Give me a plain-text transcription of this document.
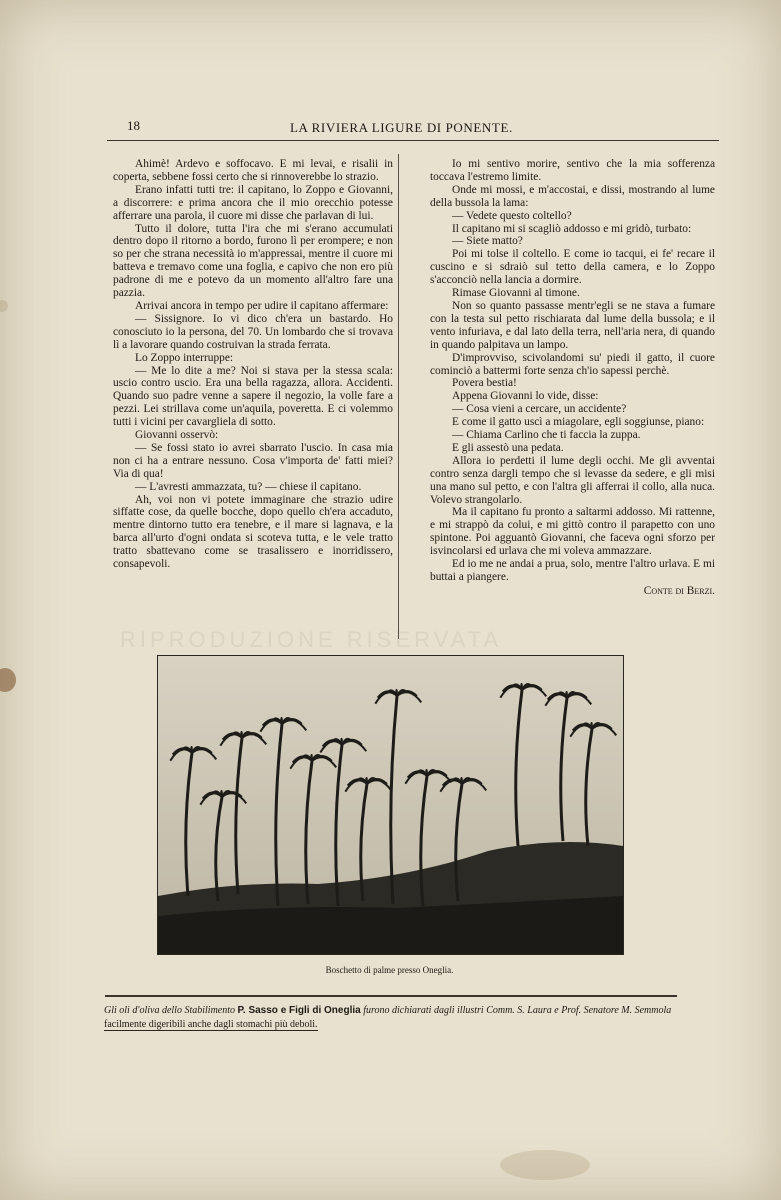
18	LA RIVIERA LIGURE DI PONENTE.

Ahimè! Ardevo e soffocavo. E mi levai, e risalii in coperta, sebbene fossi certo che si rinnoverebbe lo strazio.

Erano infatti tutti tre: il capitano, lo Zoppo e Giovanni, a discorrere: e prima ancora che il mio orecchio potesse afferrare una parola, il cuore mi disse che parlavan di lui.

Tutto il dolore, tutta l'ira che mi s'erano accumulati dentro dopo il ritorno a bordo, furono lì per erompere; e non so per che strana necessità io m'appressai, mentre il cuore mi batteva e tremavo come una foglia, e capivo che non ero più padrone di me e potevo da un momento all'altro fare una pazzia.

Arrivai ancora in tempo per udire il capitano affermare:

— Sissignore. Io vi dico ch'era un bastardo. Ho conosciuto io la persona, del 70. Un lombardo che si trovava lì a lavorare quando costruivan la strada ferrata.

Lo Zoppo interruppe:

— Me lo dite a me? Noi si stava per la stessa scala: uscio contro uscio. Era una bella ragazza, allora. Accidenti. Quando suo padre venne a sapere il negozio, la volle fare a pezzi. Lei strillava come un'aquila, poveretta. E ci volemmo tutti i vicini per cavargliela di sotto.

Giovanni osservò:

— Se fossi stato io avrei sbarrato l'uscio. In casa mia non ci ha a entrare nessuno. Cosa v'importa de' fatti miei? Via di qua!

— L'avresti ammazzata, tu? — chiese il capitano.

Ah, voi non vi potete immaginare che strazio udire siffatte cose, da quelle bocche, dopo quello ch'era accaduto, mentre dintorno tutto era tenebre, e il mare si lagnava, e la barca all'urto d'ogni ondata si scoteva tutta, e le vele tratto tratto sbattevano come se trasalissero e inorridissero, consapevoli.

Io mi sentivo morire, sentivo che la mia sofferenza toccava l'estremo limite.

Onde mi mossi, e m'accostai, e dissi, mostrando al lume della bussola la lama:

— Vedete questo coltello?

Il capitano mi si scagliò addosso e mi gridò, turbato:

— Siete matto?

Poi mi tolse il coltello. E come io tacqui, ei fe' recare il cuscino e si sdraiò sul tetto della camera, e lo Zoppo s'acconciò nella lancia a dormire.

Rimase Giovanni al timone.

Non so quanto passasse mentr'egli se ne stava a fumare con la testa sul petto rischiarata dal lume della bussola; e il vento infuriava, e dal lato della terra, nell'aria nera, di quando in quando palpitava un lampo.

D'improvviso, scivolandomi su' piedi il gatto, il cuore cominciò a battermi forte senza ch'io sapessi perchè.

Povera bestia!

Appena Giovanni lo vide, disse:

— Cosa vieni a cercare, un accidente?

E come il gatto uscì a miagolare, egli soggiunse, piano:

— Chiama Carlino che ti faccia la zuppa.

E gli assestò una pedata.

Allora io perdetti il lume degli occhi. Me gli avventai contro senza dargli tempo che si levasse da sedere, e gli misi una mano sul petto, e con l'altra gli afferrai il collo, alla nuca. Volevo strangolarlo.

Ma il capitano fu pronto a saltarmi addosso. Mi rattenne, e mi strappò da colui, e mi gittò contro il parapetto con uno spintone. Poi agguantò Giovanni, che faceva ogni sforzo per isvincolarsi ed urlava che mi voleva ammazzare.

Ed io me ne andai a prua, solo, mentre l'altro urlava. E mi buttai a piangere.

Conte di Berzi.
RIPRODUZIONE RISERVATA
Boschetto di palme presso Oneglia.
Gli oli d'oliva dello Stabilimento P. Sasso e Figli di Oneglia furono dichiarati dagli illustri Comm. S. Laura e Prof. Senatore M. Semmola facilmente digeribili anche dagli stomachi più deboli.
